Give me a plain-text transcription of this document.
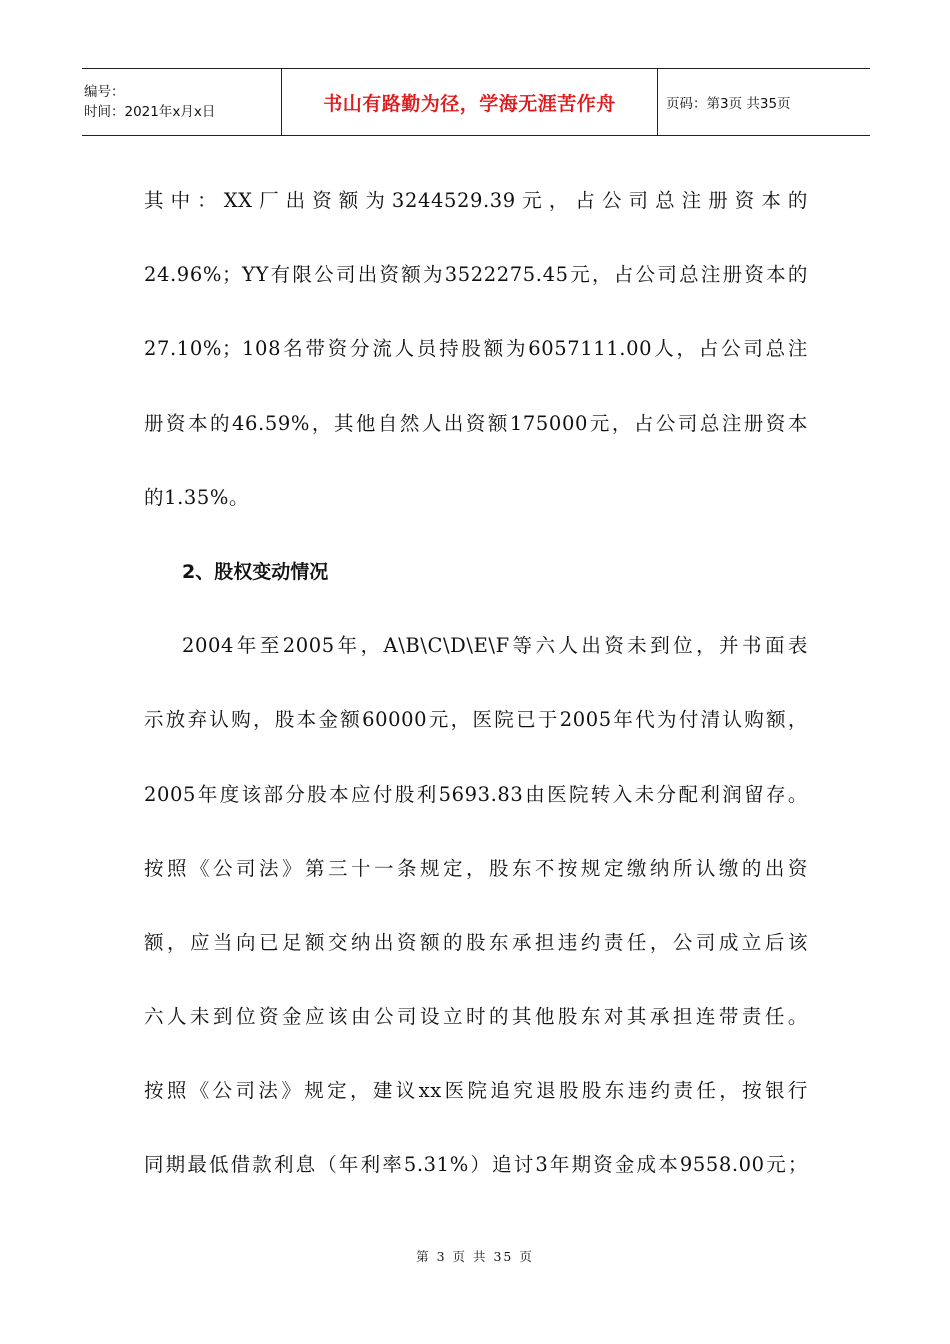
编号：
时间：2021年x月x日	书山有路勤为径，学海无涯苦作舟	页码：第3页 共35页
其中：XX厂出资额为3244529.39元，占公司总注册资本的
24.96%；YY有限公司出资额为3522275.45元，占公司总注册资本的
27.10%；108名带资分流人员持股额为6057111.00人，占公司总注
册资本的46.59%，其他自然人出资额175000元，占公司总注册资本
的1.35%。
2、股权变动情况
2004年至2005年，A\B\C\D\E\F等六人出资未到位，并书面表
示放弃认购，股本金额60000元，医院已于2005年代为付清认购额，
2005年度该部分股本应付股利5693.83由医院转入未分配利润留存。
按照《公司法》第三十一条规定，股东不按规定缴纳所认缴的出资
额，应当向已足额交纳出资额的股东承担违约责任，公司成立后该
六人未到位资金应该由公司设立时的其他股东对其承担连带责任。
按照《公司法》规定，建议xx医院追究退股股东违约责任，按银行
同期最低借款利息（年利率5.31%）追讨3年期资金成本9558.00元；
第 3 页 共 35 页
